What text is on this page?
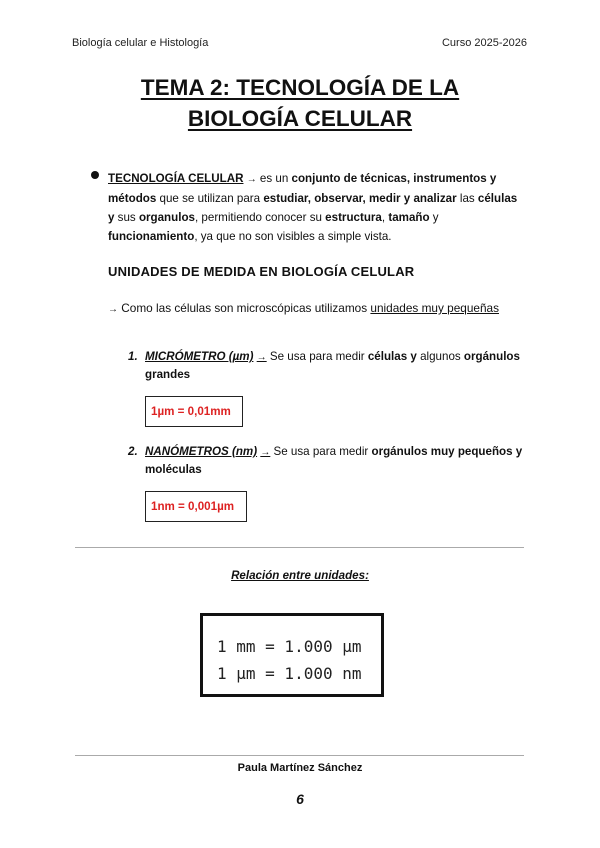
Biología celular e Histología	Curso 2025-2026
TEMA 2: TECNOLOGÍA DE LA
BIOLOGÍA CELULAR
TECNOLOGÍA CELULAR → es un conjunto de técnicas, instrumentos y métodos que se utilizan para estudiar, observar, medir y analizar las células y sus organulos, permitiendo conocer su estructura, tamaño y funcionamiento, ya que no son visibles a simple vista.
UNIDADES DE MEDIDA EN BIOLOGÍA CELULAR
→ Como las células son microscópicas utilizamos unidades muy pequeñas
1. MICRÓMETRO (µm) → Se usa para medir células y algunos orgánulos grandes
1µm = 0,01mm
2. NANÓMETROS (nm) → Se usa para medir orgánulos muy pequeños y moléculas
1nm = 0,001µm
Relación entre unidades:
1 mm = 1.000 µm
1 µm = 1.000 nm
Paula Martínez Sánchez
6
